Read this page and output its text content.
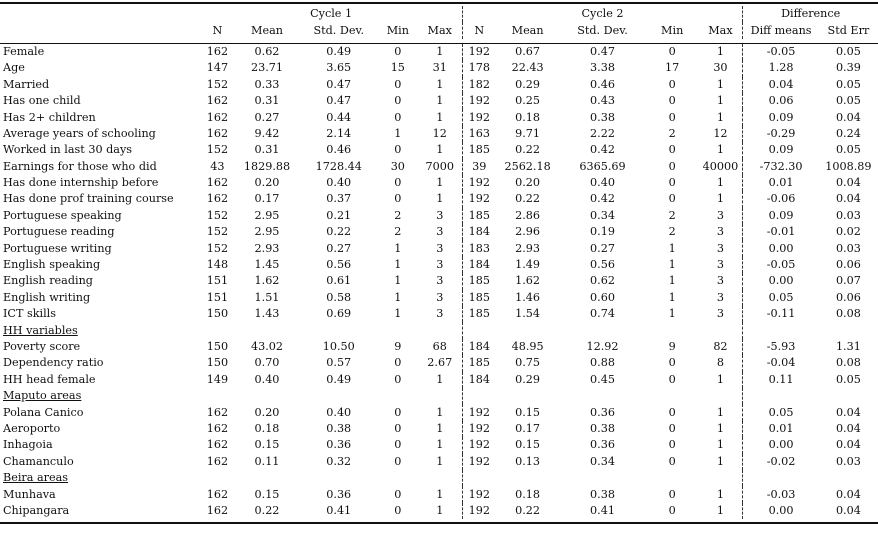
	Cycle 1					Cycle 2					Difference	
	N	Mean	Std. Dev.	Min	Max	N	Mean	Std. Dev.	Min	Max	Diff means	Std Err

Female	162	0.62	0.49	0	1	192	0.67	0.47	0	1	-0.05	0.05
Age	147	23.71	3.65	15	31	178	22.43	3.38	17	30	1.28	0.39
Married	152	0.33	0.47	0	1	182	0.29	0.46	0	1	0.04	0.05
Has one child	162	0.31	0.47	0	1	192	0.25	0.43	0	1	0.06	0.05
Has 2+ children	162	0.27	0.44	0	1	192	0.18	0.38	0	1	0.09	0.04
Average years of schooling	162	9.42	2.14	1	12	163	9.71	2.22	2	12	-0.29	0.24
Worked in last 30 days	152	0.31	0.46	0	1	185	0.22	0.42	0	1	0.09	0.05
Earnings for those who did	43	1829.88	1728.44	30	7000	39	2562.18	6365.69	0	40000	-732.30	1008.89
Has done internship before	162	0.20	0.40	0	1	192	0.20	0.40	0	1	0.01	0.04
Has done prof training course	162	0.17	0.37	0	1	192	0.22	0.42	0	1	-0.06	0.04
Portuguese speaking	152	2.95	0.21	2	3	185	2.86	0.34	2	3	0.09	0.03
Portuguese reading	152	2.95	0.22	2	3	184	2.96	0.19	2	3	-0.01	0.02
Portuguese writing	152	2.93	0.27	1	3	183	2.93	0.27	1	3	0.00	0.03
English speaking	148	1.45	0.56	1	3	184	1.49	0.56	1	3	-0.05	0.06
English reading	151	1.62	0.61	1	3	185	1.62	0.62	1	3	0.00	0.07
English writing	151	1.51	0.58	1	3	185	1.46	0.60	1	3	0.05	0.06
ICT skills	150	1.43	0.69	1	3	185	1.54	0.74	1	3	-0.11	0.08
HH variables												
Poverty score	150	43.02	10.50	9	68	184	48.95	12.92	9	82	-5.93	1.31
Dependency ratio	150	0.70	0.57	0	2.67	185	0.75	0.88	0	8	-0.04	0.08
HH head female	149	0.40	0.49	0	1	184	0.29	0.45	0	1	0.11	0.05
Maputo areas												
Polana Canico	162	0.20	0.40	0	1	192	0.15	0.36	0	1	0.05	0.04
Aeroporto	162	0.18	0.38	0	1	192	0.17	0.38	0	1	0.01	0.04
Inhagoia	162	0.15	0.36	0	1	192	0.15	0.36	0	1	0.00	0.04
Chamanculo	162	0.11	0.32	0	1	192	0.13	0.34	0	1	-0.02	0.03
Beira areas												
Munhava	162	0.15	0.36	0	1	192	0.18	0.38	0	1	-0.03	0.04
Chipangara	162	0.22	0.41	0	1	192	0.22	0.41	0	1	0.00	0.04
